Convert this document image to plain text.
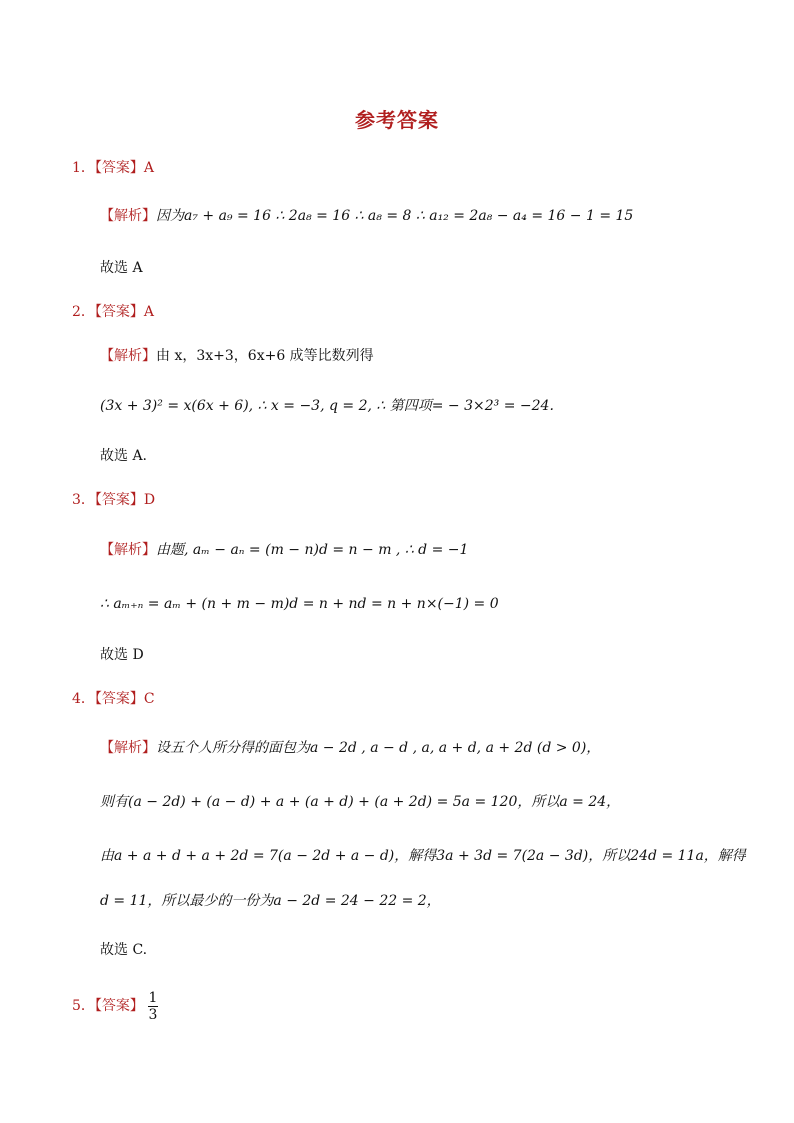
参考答案
1．【答案】A
【解析】因为a₇ + a₉ = 16 ∴ 2a₈ = 16 ∴ a₈ = 8 ∴ a₁₂ = 2a₈ − a₄ = 16 − 1 = 15
故选 A
2．【答案】A
【解析】由 x，3x+3，6x+6 成等比数列得
(3x + 3)² = x(6x + 6), ∴ x = −3, q = 2, ∴ 第四项= − 3×2³ = −24.
故选 A.
3．【答案】D
【解析】由题, aₘ − aₙ = (m − n)d = n − m , ∴ d = −1
∴ aₘ₊ₙ = aₘ + (n + m − m)d = n + nd = n + n×(−1) = 0
故选 D
4．【答案】C
【解析】设五个人所分得的面包为a − 2d , a − d , a, a + d, a + 2d (d > 0)，
则有(a − 2d) + (a − d) + a + (a + d) + (a + 2d) = 5a = 120，所以a = 24，
由a + a + d + a + 2d = 7(a − 2d + a − d)，解得3a + 3d = 7(2a − 3d)，所以24d = 11a，解得
d = 11，所以最少的一份为a − 2d = 24 − 22 = 2，
故选 C.
5．【答案】 $\frac{1}{3}$
